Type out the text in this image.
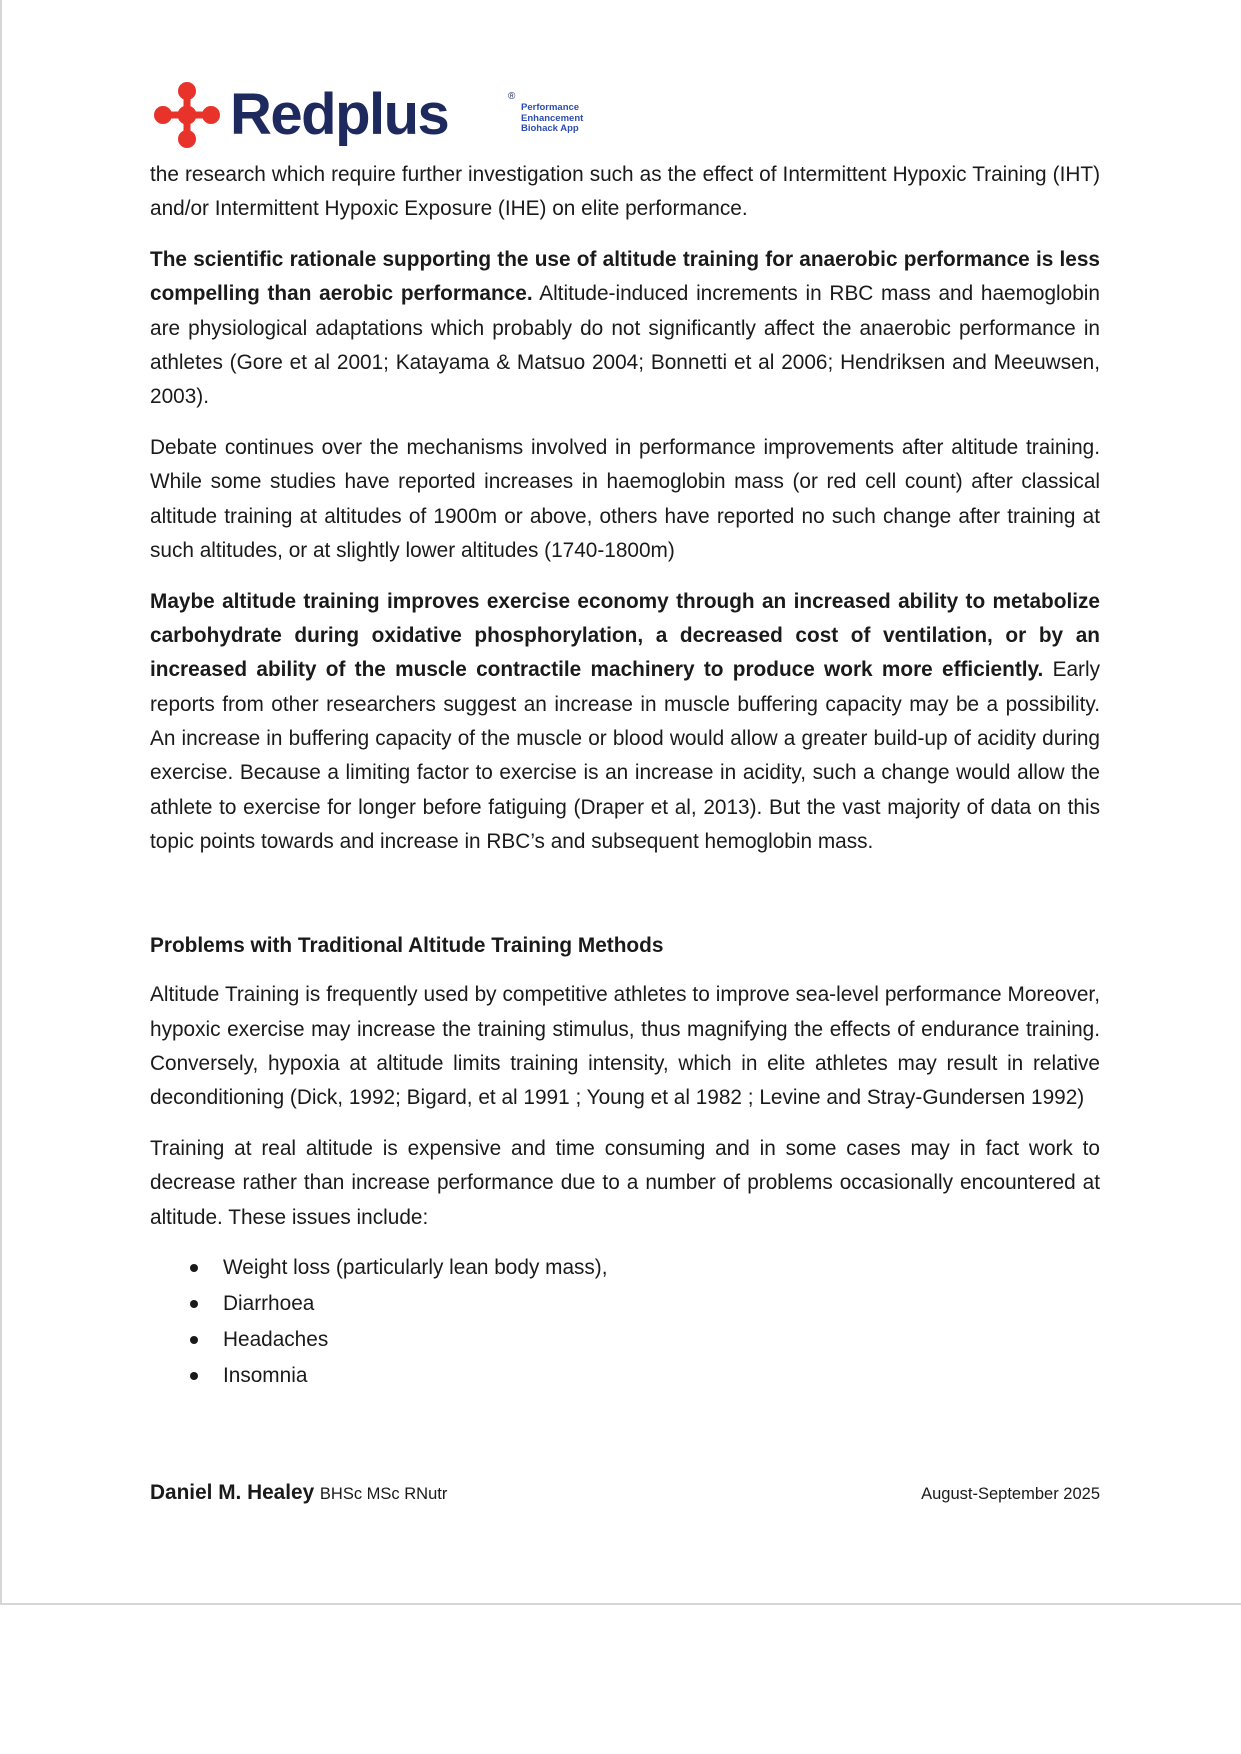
Redplus	®
Performance
Enhancement
Biohack App

the research which require further investigation such as the effect of Intermittent Hypoxic Training (IHT) and/or Intermittent Hypoxic Exposure (IHE) on elite performance.

The scientific rationale supporting the use of altitude training for anaerobic performance is less compelling than aerobic performance. Altitude-induced increments in RBC mass and haemoglobin are physiological adaptations which probably do not significantly affect the anaerobic performance in athletes (Gore et al 2001; Katayama & Matsuo 2004; Bonnetti et al 2006; Hendriksen and Meeuwsen, 2003).

Debate continues over the mechanisms involved in performance improvements after altitude training. While some studies have reported increases in haemoglobin mass (or red cell count) after classical altitude training at altitudes of 1900m or above, others have reported no such change after training at such altitudes, or at slightly lower altitudes (1740-1800m)

Maybe altitude training improves exercise economy through an increased ability to metabolize carbohydrate during oxidative phosphorylation, a decreased cost of ventilation, or by an increased ability of the muscle contractile machinery to produce work more efficiently. Early reports from other researchers suggest an increase in muscle buffering capacity may be a possibility. An increase in buffering capacity of the muscle or blood would allow a greater build-up of acidity during exercise. Because a limiting factor to exercise is an increase in acidity, such a change would allow the athlete to exercise for longer before fatiguing (Draper et al, 2013). But the vast majority of data on this topic points towards and increase in RBC’s and subsequent hemoglobin mass.

Problems with Traditional Altitude Training Methods

Altitude Training is frequently used by competitive athletes to improve sea-level performance Moreover, hypoxic exercise may increase the training stimulus, thus magnifying the effects of endurance training. Conversely, hypoxia at altitude limits training intensity, which in elite athletes may result in relative deconditioning (Dick, 1992; Bigard, et al 1991 ; Young et al 1982 ; Levine and Stray-Gundersen 1992)

Training at real altitude is expensive and time consuming and in some cases may in fact work to decrease rather than increase performance due to a number of problems occasionally encountered at altitude. These issues include:

Weight loss (particularly lean body mass),
Diarrhoea
Headaches
Insomnia
Daniel M. Healey BHSc MSc RNutr	August-September 2025
